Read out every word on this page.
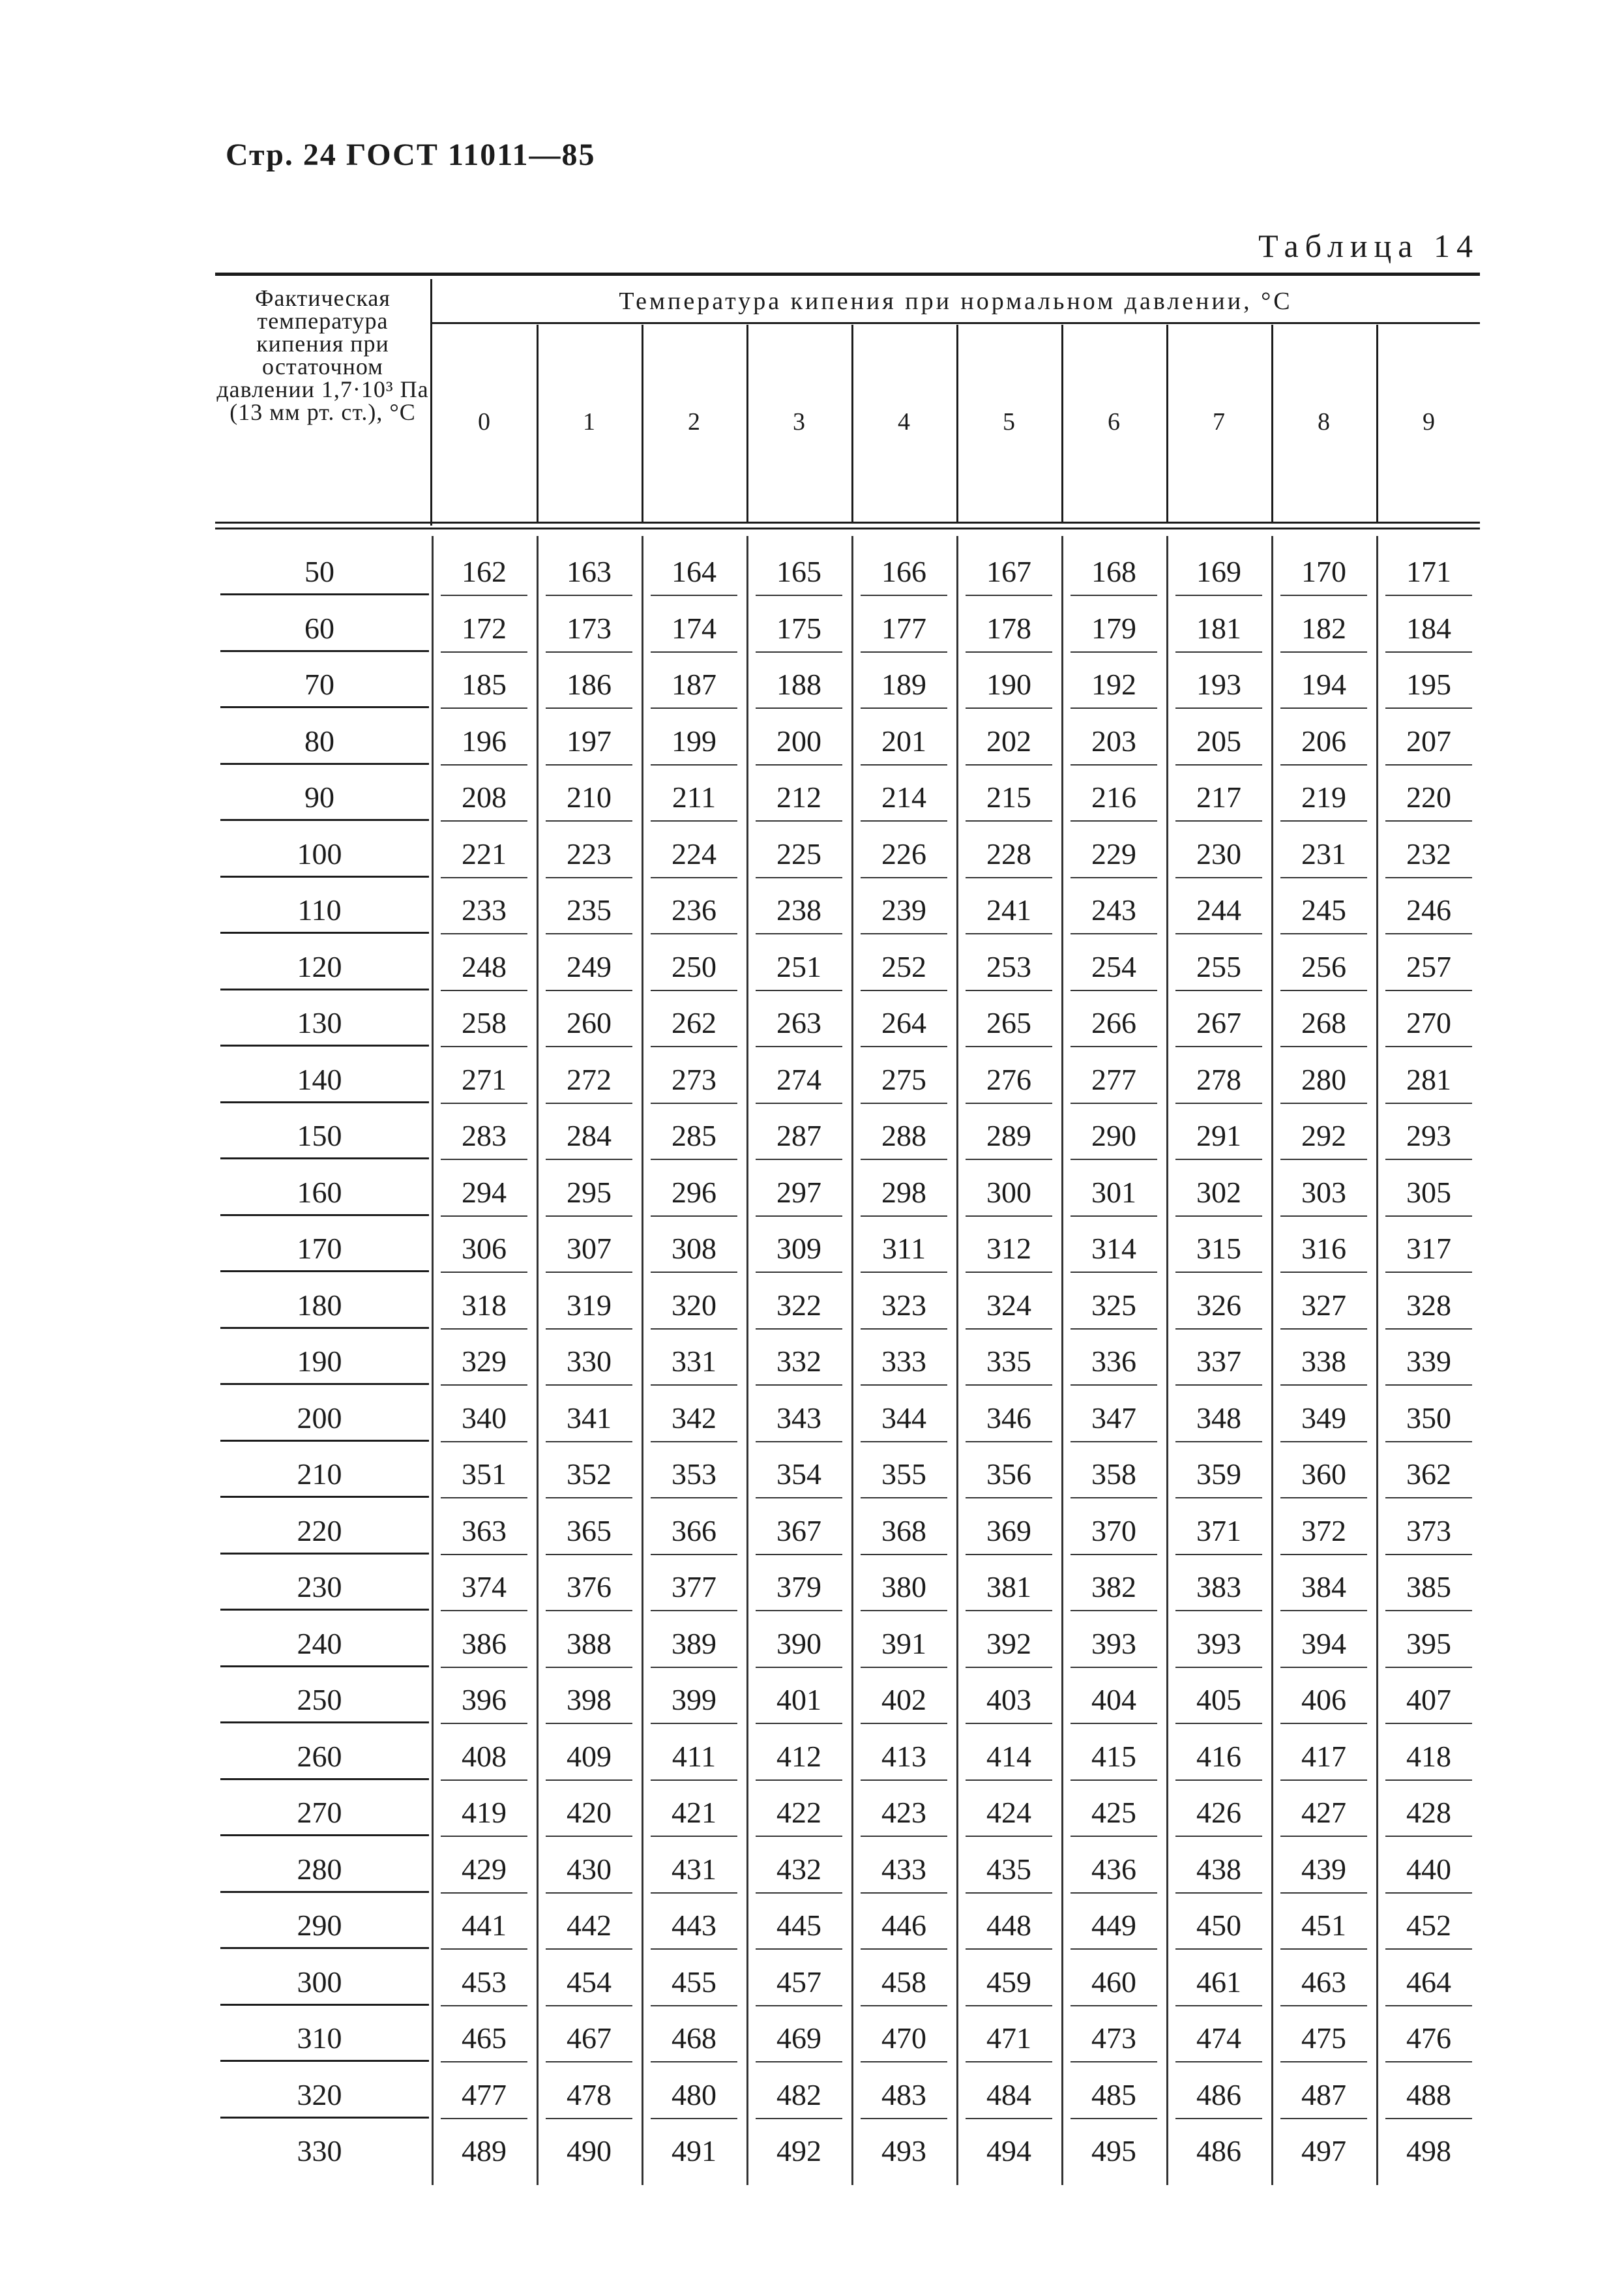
Стр. 24 ГОСТ 11011—85
Таблица 14
Фактическая температура кипения при остаточном давлении 1,7·10³ Па (13 мм рт. ст.), °С
Температура кипения при нормальном давлении, °С
0	1	2	3	4	5	6	7	8	9
50	162	163	164	165	166	167	168	169	170	171
60	172	173	174	175	177	178	179	181	182	184
70	185	186	187	188	189	190	192	193	194	195
80	196	197	199	200	201	202	203	205	206	207
90	208	210	211	212	214	215	216	217	219	220
100	221	223	224	225	226	228	229	230	231	232
110	233	235	236	238	239	241	243	244	245	246
120	248	249	250	251	252	253	254	255	256	257
130	258	260	262	263	264	265	266	267	268	270
140	271	272	273	274	275	276	277	278	280	281
150	283	284	285	287	288	289	290	291	292	293
160	294	295	296	297	298	300	301	302	303	305
170	306	307	308	309	311	312	314	315	316	317
180	318	319	320	322	323	324	325	326	327	328
190	329	330	331	332	333	335	336	337	338	339
200	340	341	342	343	344	346	347	348	349	350
210	351	352	353	354	355	356	358	359	360	362
220	363	365	366	367	368	369	370	371	372	373
230	374	376	377	379	380	381	382	383	384	385
240	386	388	389	390	391	392	393	393	394	395
250	396	398	399	401	402	403	404	405	406	407
260	408	409	411	412	413	414	415	416	417	418
270	419	420	421	422	423	424	425	426	427	428
280	429	430	431	432	433	435	436	438	439	440
290	441	442	443	445	446	448	449	450	451	452
300	453	454	455	457	458	459	460	461	463	464
310	465	467	468	469	470	471	473	474	475	476
320	477	478	480	482	483	484	485	486	487	488
330	489	490	491	492	493	494	495	486	497	498
